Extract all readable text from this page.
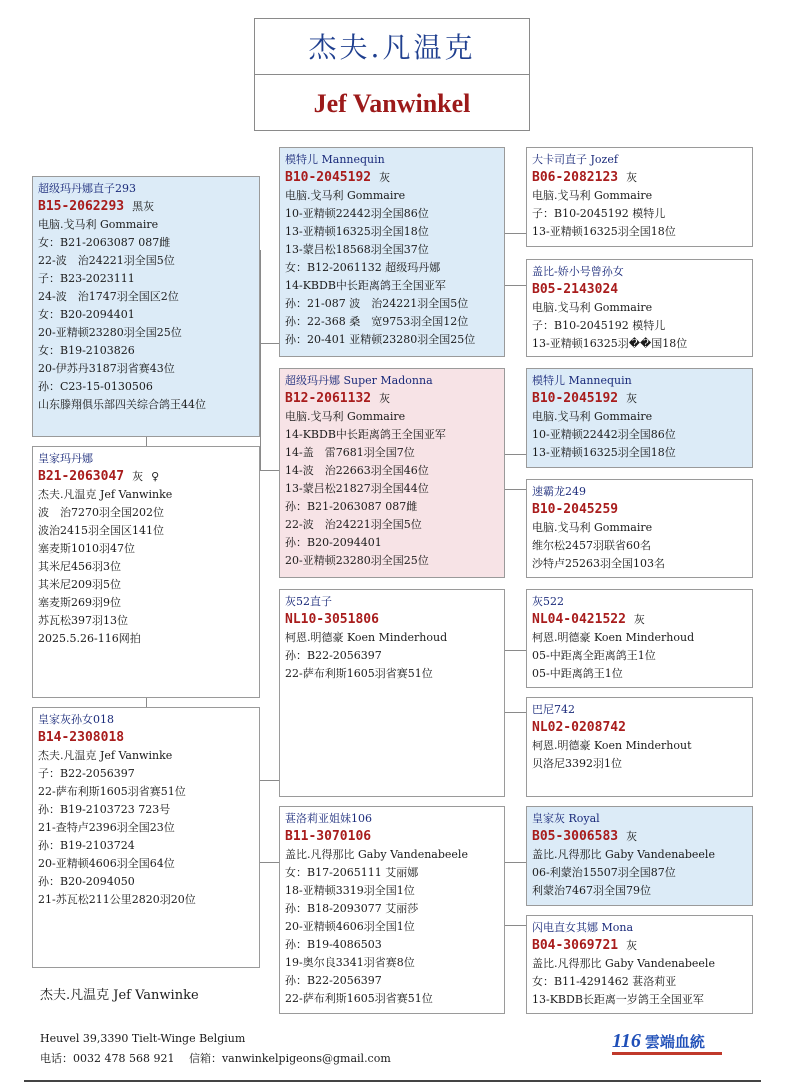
杰夫.凡温克
Jef Vanwinkel
超级玛丹娜直子293
B15-2062293 黑灰
电脑.戈马利 Gommaire
女：B21-2063087 087雌
22-波　治24221羽全国5位
子：B23-2023111
24-波　治1747羽全国区2位
女：B20-2094401
20-亚精顿23280羽全国25位
女：B19-2103826
20-伊苏丹3187羽省赛43位
孙：C23-15-0130506
山东滕翔俱乐部四关综合鸽王44位
模特儿 Mannequin
B10-2045192 灰
电脑.戈马利 Gommaire
10-亚精顿22442羽全国86位
13-亚精顿16325羽全国18位
13-蒙吕松18568羽全国37位
女：B12-2061132 超级玛丹娜
14-KBDB中长距离鸽王全国亚军
孙：21-087 波　治24221羽全国5位
孙：22-368 桑　宽9753羽全国12位
孙：20-401 亚精顿23280羽全国25位
大卡司直子 Jozef
B06-2082123 灰
电脑.戈马利 Gommaire
子：B10-2045192 模特儿
13-亚精顿16325羽全国18位
盖比-娇小号曾孙女
B05-2143024
电脑.戈马利 Gommaire
子：B10-2045192 模特儿
13-亚精顿16325羽��国18位
超级玛丹娜 Super Madonna
B12-2061132 灰
电脑.戈马利 Gommaire
14-KBDB中长距离鸽王全国亚军
14-盖　雷7681羽全国7位
14-波　治22663羽全国46位
13-蒙吕松21827羽全国44位
孙：B21-2063087 087雌
22-波　治24221羽全国5位
孙：B20-2094401
20-亚精顿23280羽全国25位
模特儿 Mannequin
B10-2045192 灰
电脑.戈马利 Gommaire
10-亚精顿22442羽全国86位
13-亚精顿16325羽全国18位
速霸龙249
B10-2045259
电脑.戈马利 Gommaire
维尔松2457羽联省60名
沙特卢25263羽全国103名
皇家玛丹娜
B21-2063047 灰 ♀
杰夫.凡温克 Jef Vanwinke
波　治7270羽全国202位
波治2415羽全国区141位
塞麦斯1010羽47位
其米尼456羽3位
其米尼209羽5位
塞麦斯269羽9位
苏瓦松397羽13位
2025.5.26-116网拍
灰52直子
NL10-3051806
柯恩.明德豪 Koen Minderhoud
孙：B22-2056397
22-萨布利斯1605羽省赛51位
灰522
NL04-0421522 灰
柯恩.明德豪 Koen Minderhoud
05-中距离全距离鸽王1位
05-中距离鸽王1位
巴尼742
NL02-0208742
柯恩.明德豪 Koen Minderhout
贝洛尼3392羽1位
皇家灰孙女018
B14-2308018
杰夫.凡温克 Jef Vanwinke
子：B22-2056397
22-萨布利斯1605羽省赛51位
孙：B19-2103723 723号
21-查特卢2396羽全国23位
孙：B19-2103724
20-亚精顿4606羽全国64位
孙：B20-2094050
21-苏瓦松211公里2820羽20位
葚洛莉亚姐妹106
B11-3070106
盖比.凡得那比 Gaby Vandenabeele
女：B17-2065111 艾丽娜
18-亚精顿3319羽全国1位
孙：B18-2093077 艾丽莎
20-亚精顿4606羽全国1位
孙：B19-4086503
19-奥尔良3341羽省赛8位
孙：B22-2056397
22-萨布利斯1605羽省赛51位
皇家灰 Royal
B05-3006583 灰
盖比.凡得那比 Gaby Vandenabeele
06-利蒙治15507羽全国87位
利蒙治7467羽全国79位
闪电直女其娜 Mona
B04-3069721 灰
盖比.凡得那比 Gaby Vandenabeele
女：B11-4291462 葚洛莉亚
13-KBDB长距离一岁鸽王全国亚军
杰夫.凡温克 Jef Vanwinke
Heuvel 39,3390 Tielt-Winge Belgium
电话：0032 478 568 921　 信箱：vanwinkelpigeons@gmail.com
116 雲端血統
